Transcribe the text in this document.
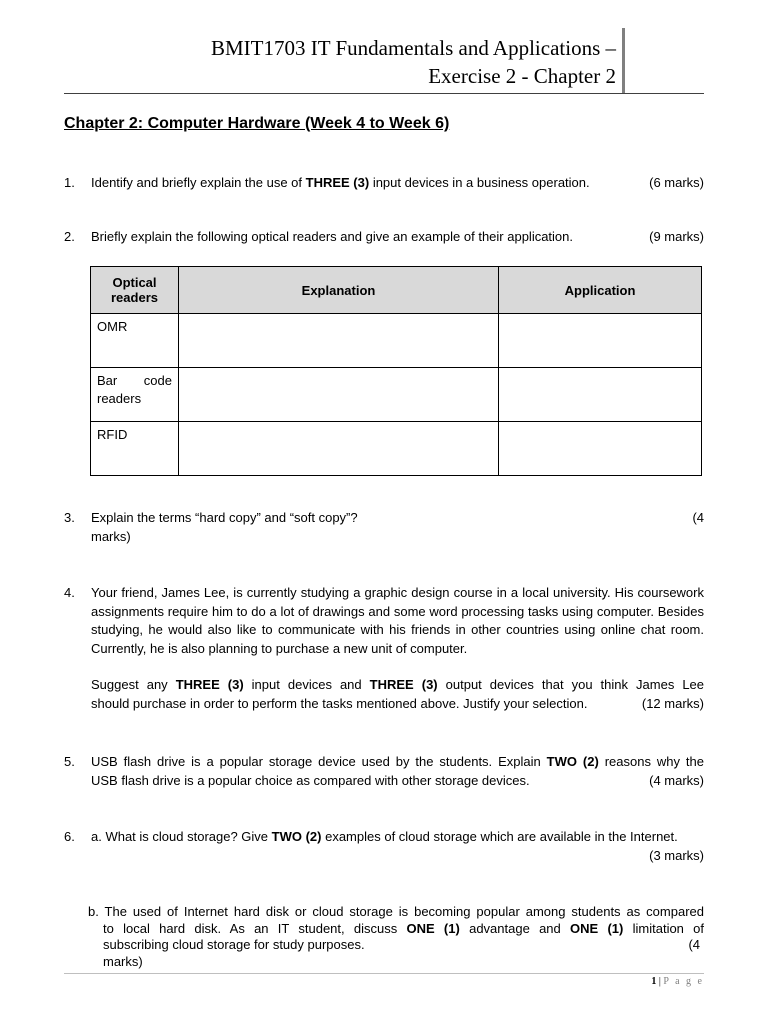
BMIT1703 IT Fundamentals and Applications –
Exercise 2 - Chapter 2
Chapter 2: Computer Hardware (Week 4 to Week 6)
1.	Identify and briefly explain the use of THREE (3) input devices in a business operation.	(6 marks)
2.	Briefly explain the following optical readers and give an example of their application.	(9 marks)
Optical readers	Explanation	Application
OMR		
Bar code readers		
RFID		
3.	Explain the terms “hard copy” and “soft copy”?
marks)
(4
4.	Your friend, James Lee, is currently studying a graphic design course in a local university. His coursework assignments require him to do a lot of drawings and some word processing tasks using computer. Besides studying, he would also like to communicate with his friends in other countries using online chat room. Currently, he is also planning to purchase a new unit of computer.
Suggest any THREE (3) input devices and THREE (3) output devices that you think James Lee
should purchase in order to perform the tasks mentioned above. Justify your selection.	(12 marks)
5.	USB flash drive is a popular storage device used by the students. Explain TWO (2) reasons why the
USB flash drive is a popular choice as compared with other storage devices.	(4 marks)
6.	a. What is cloud storage? Give TWO (2) examples of cloud storage which are available in the Internet.
(3 marks)
b. The used of Internet hard disk or cloud storage is becoming popular among students as compared
to local hard disk. As an IT student, discuss ONE (1) advantage and ONE (1) limitation of
subscribing cloud storage for study purposes.	(4
marks)
1 | P a g e
